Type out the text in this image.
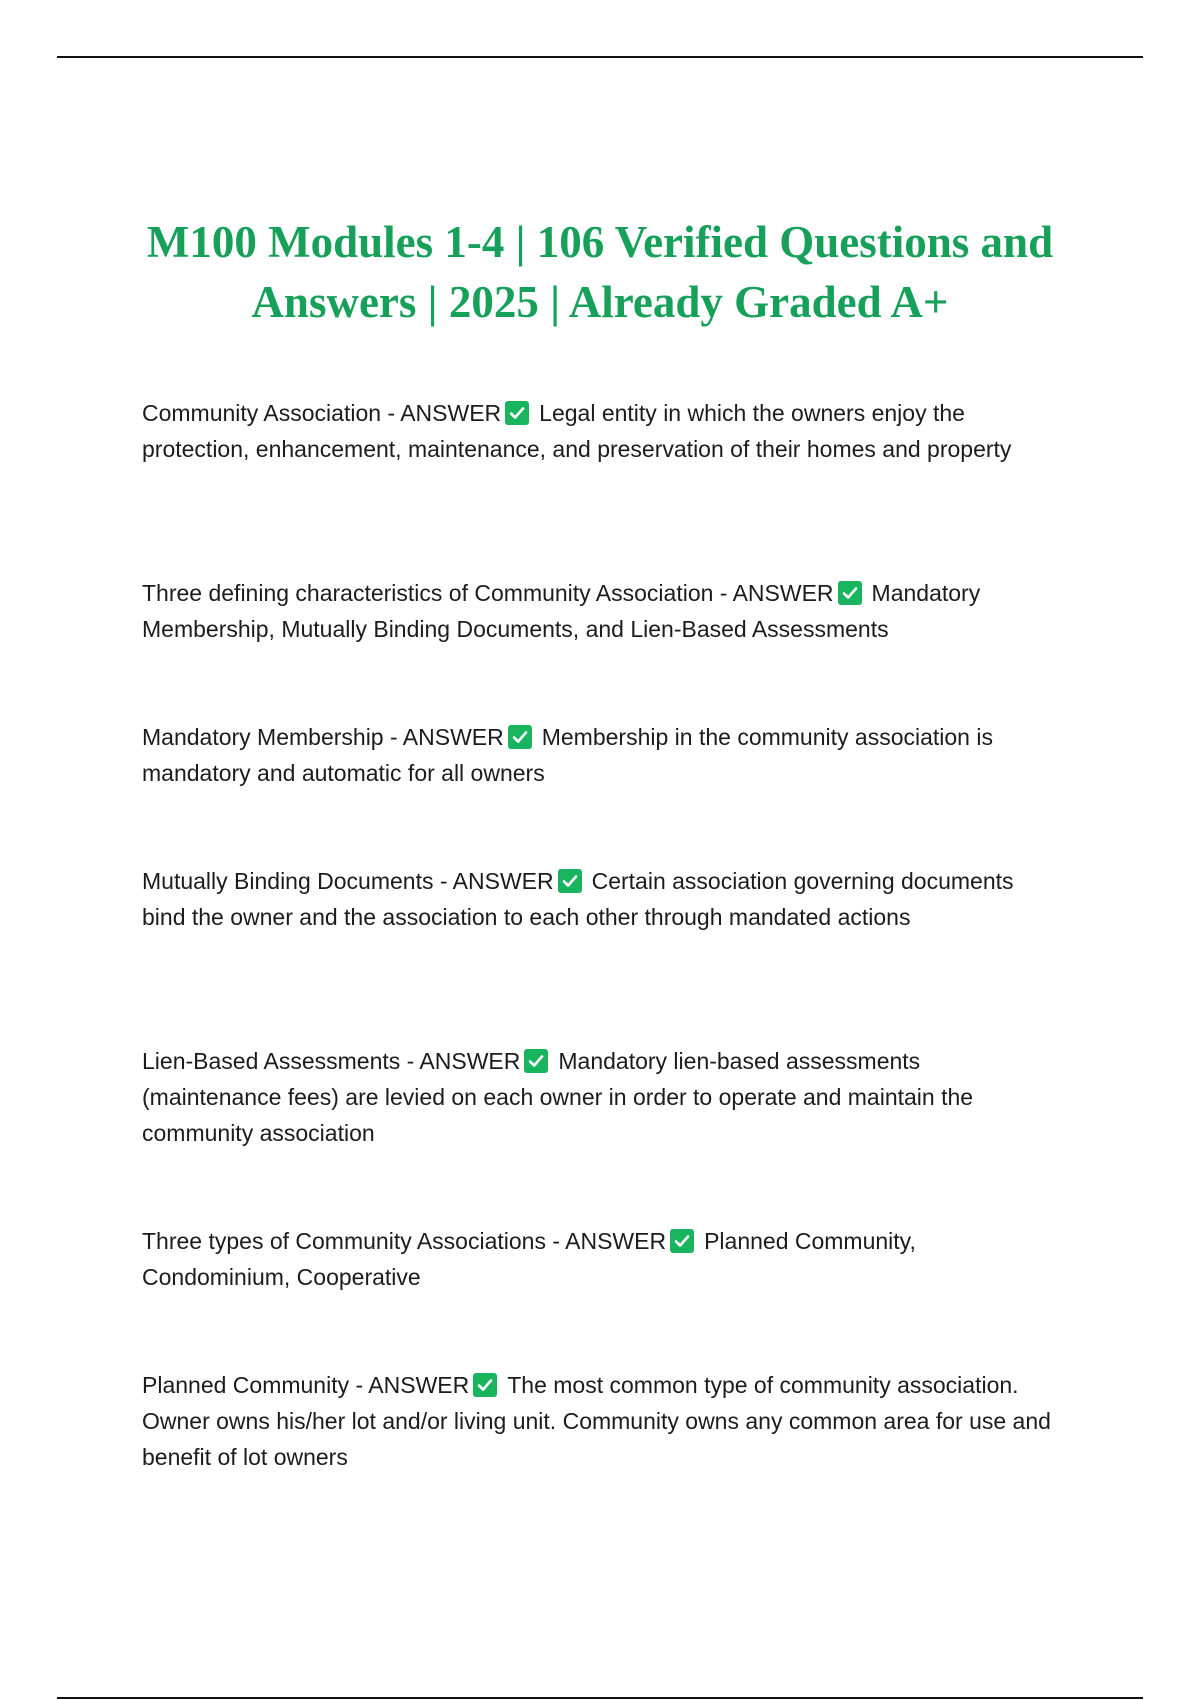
M100 Modules 1-4 | 106 Verified Questions and Answers | 2025 | Already Graded A+

Community Association - ANSWER Legal entity in which the owners enjoy the protection, enhancement, maintenance, and preservation of their homes and property

Three defining characteristics of Community Association - ANSWER Mandatory Membership, Mutually Binding Documents, and Lien-Based Assessments

Mandatory Membership - ANSWER Membership in the community association is mandatory and automatic for all owners

Mutually Binding Documents - ANSWER Certain association governing documents bind the owner and the association to each other through mandated actions

Lien-Based Assessments - ANSWER Mandatory lien-based assessments (maintenance fees) are levied on each owner in order to operate and maintain the community association

Three types of Community Associations - ANSWER Planned Community, Condominium, Cooperative

Planned Community - ANSWER The most common type of community association. Owner owns his/her lot and/or living unit. Community owns any common area for use and benefit of lot owners
